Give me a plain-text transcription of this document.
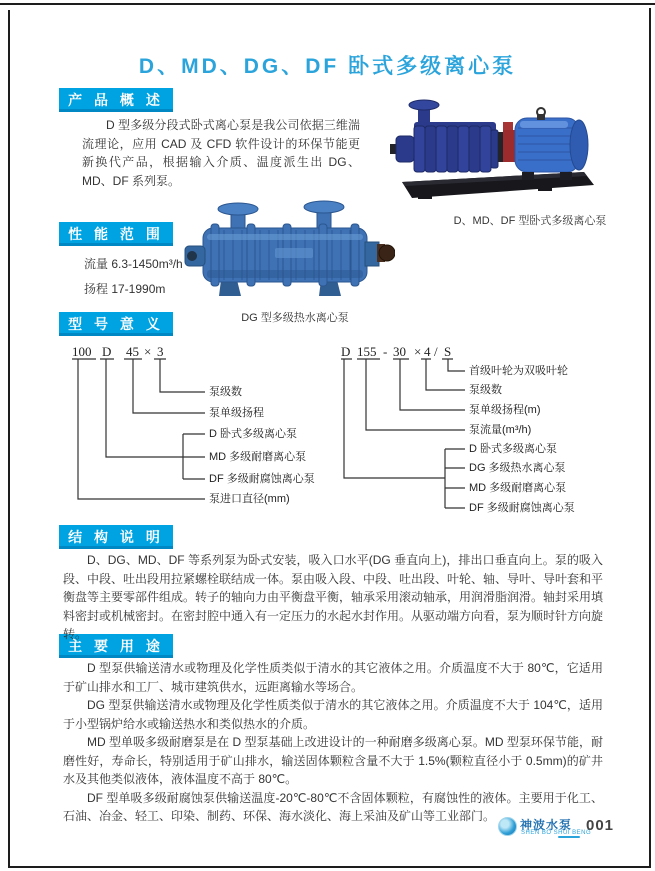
D、MD、DG、DF 卧式多级离心泵
产 品 概 述
性 能 范 围
型 号 意 义
结 构 说 明
主 要 用 途

D 型多级分段式卧式离心泵是我公司依据三维湍流理论，应用 CAD 及 CFD 软件设计的环保节能更新换代产品，根据输入介质、温度派生出 DG、MD、DF 系列泵。

D、MD、DF 型卧式多级离心泵
流量 6.3-1450m³/h
扬程 17-1990m
DG 型多级热水离心泵
100 D 45 × 3
泵级数
泵单级扬程
D 卧式多级离心泵
MD 多级耐磨离心泵
DF 多级耐腐蚀离心泵
泵进口直径(mm)
D 155 - 30 × 4 / S
首级叶轮为双吸叶轮
泵级数
泵单级扬程(m)
泵流量(m³/h)
D 卧式多级离心泵
DG 多级热水离心泵
MD 多级耐磨离心泵
DF 多级耐腐蚀离心泵

D、DG、MD、DF 等系列泵为卧式安装，吸入口水平(DG 垂直向上)，排出口垂直向上。泵的吸入段、中段、吐出段用拉紧螺栓联结成一体。泵由吸入段、中段、吐出段、叶轮、轴、导叶、导叶套和平衡盘等主要零部件组成。转子的轴向力由平衡盘平衡，轴承采用滚动轴承，用润滑脂润滑。轴封采用填料密封或机械密封。在密封腔中通入有一定压力的水起水封作用。从驱动端方向看，泵为顺时针方向旋转。

D 型泵供输送清水或物理及化学性质类似于清水的其它液体之用。介质温度不大于 80℃，它适用于矿山排水和工厂、城市建筑供水，远距离输水等场合。

DG 型泵供输送清水或物理及化学性质类似于清水的其它液体之用。介质温度不大于 104℃，适用于小型锅炉给水或输送热水和类似热水的介质。

MD 型单吸多级耐磨泵是在 D 型泵基础上改进设计的一种耐磨多级离心泵。MD 型泵环保节能，耐磨性好，寿命长，特别适用于矿山排水，输送固体颗粒含量不大于 1.5%(颗粒直径小于 0.5mm)的矿井水及其他类似液体，液体温度不高于 80℃。

DF 型单吸多级耐腐蚀泵供输送温度-20℃-80℃不含固体颗粒，有腐蚀性的液体。主要用于化工、石油、冶金、轻工、印染、制药、环保、海水淡化、海上采油及矿山等工业部门。

神波水泵
SHEN BO SHUI BENG
001
